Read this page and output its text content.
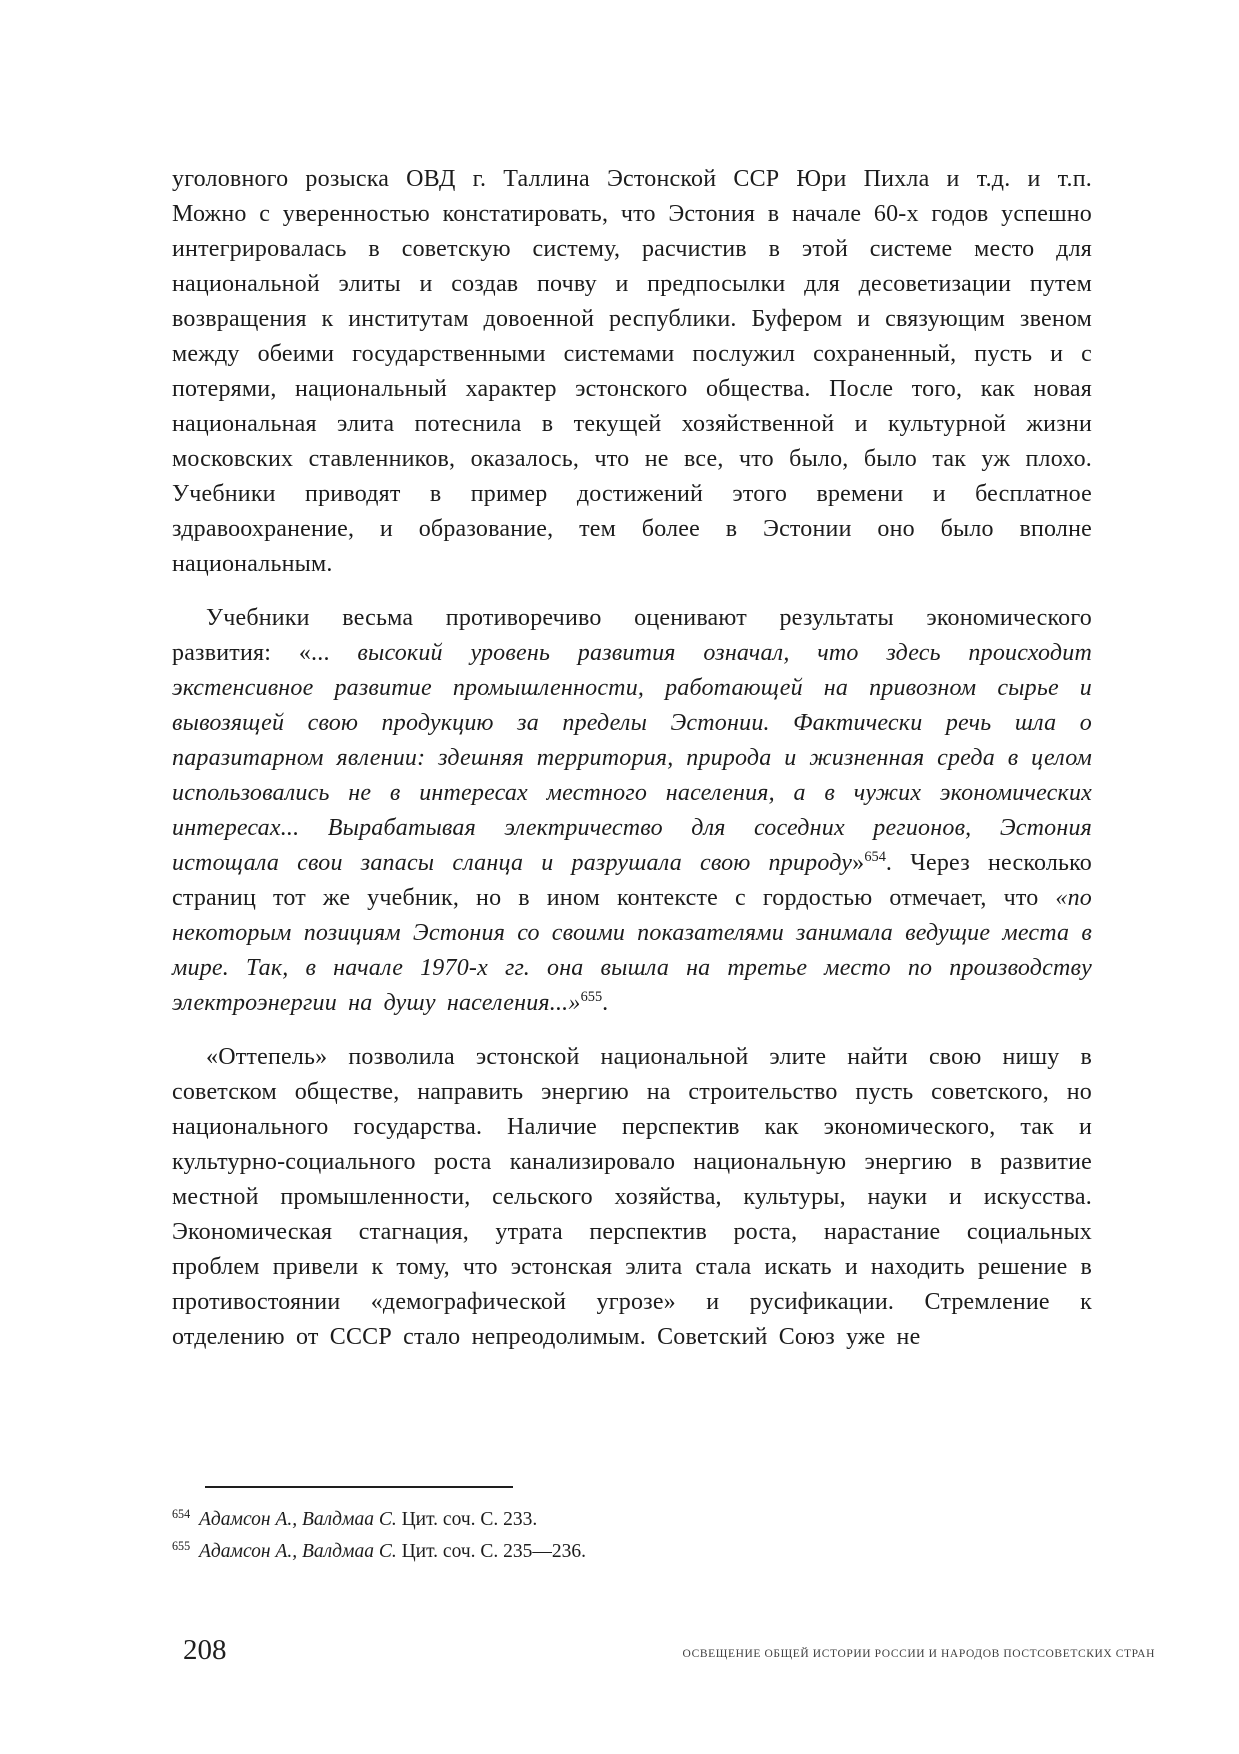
уголовного розыска ОВД г. Таллина Эстонской ССР Юри Пихла и т.д. и т.п. Можно с уверенностью констатировать, что Эстония в начале 60-х годов успешно интегрировалась в советскую систему, расчистив в этой системе место для национальной элиты и создав почву и предпосылки для десоветизации путем возвращения к институтам довоенной республики. Буфером и связующим звеном между обеими государственными системами послужил сохраненный, пусть и с потерями, национальный характер эстонского общества. После того, как новая национальная элита потеснила в текущей хозяйственной и культурной жизни московских ставленников, оказалось, что не все, что было, было так уж плохо. Учебники приводят в пример достижений этого времени и бесплатное здравоохранение, и образование, тем более в Эстонии оно было вполне национальным.

Учебники весьма противоречиво оценивают результаты экономического развития: «... высокий уровень развития означал, что здесь происходит экстенсивное развитие промышленности, работающей на привозном сырье и вывозящей свою продукцию за пределы Эстонии. Фактически речь шла о паразитарном явлении: здешняя территория, природа и жизненная среда в целом использовались не в интересах местного населения, а в чужих экономических интересах... Вырабатывая электричество для соседних регионов, Эстония истощала свои запасы сланца и разрушала свою природу»$^{654}$. Через несколько страниц тот же учебник, но в ином контексте с гордостью отмечает, что «по некоторым позициям Эстония со своими показателями занимала ведущие места в мире. Так, в начале 1970-х гг. она вышла на третье место по производству электроэнергии на душу населения...»$^{655}$.

«Оттепель» позволила эстонской национальной элите найти свою нишу в советском обществе, направить энергию на строительство пусть советского, но национального государства. Наличие перспектив как экономического, так и культурно-социального роста канализировало национальную энергию в развитие местной промышленности, сельского хозяйства, культуры, науки и искусства. Экономическая стагнация, утрата перспектив роста, нарастание социальных проблем привели к тому, что эстонская элита стала искать и находить решение в противостоянии «демографической угрозе» и русификации. Стремление к отделению от СССР стало непреодолимым. Советский Союз уже не

$^{654}$ Адамсон А., Валдмаа С. Цит. соч. С. 233.

$^{655}$ Адамсон А., Валдмаа С. Цит. соч. С. 235—236.

208	ОСВЕЩЕНИЕ ОБЩЕЙ ИСТОРИИ РОССИИ И НАРОДОВ ПОСТСОВЕТСКИХ СТРАН
